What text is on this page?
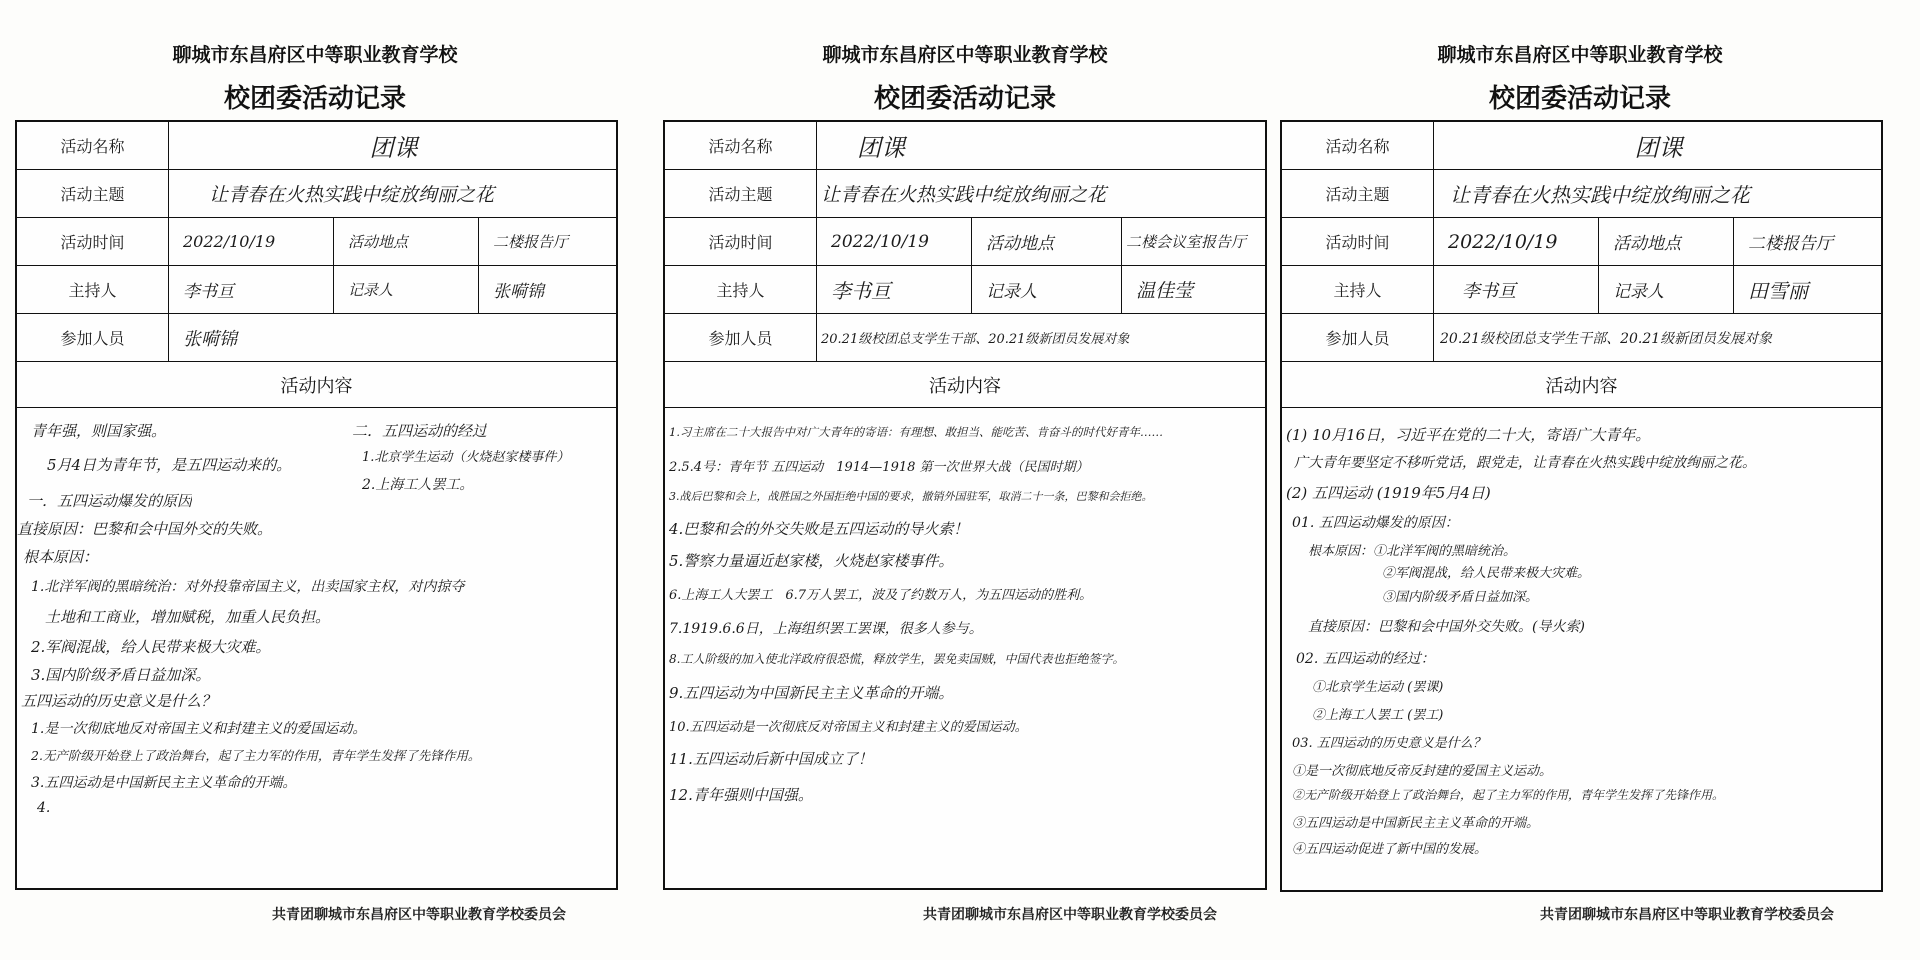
聊城市东昌府区中等职业教育学校
校团委活动记录
活动名称	团课
活动主题	让青春在火热实践中绽放绚丽之花
活动时间	2022/10/19	活动地点	二楼报告厅
主持人	李书亘	记录人	张嗬锦
参加人员	张嗬锦
活动内容
青年强，则国家强。	二．五四运动的经过
5月4日为青年节，是五四运动来的。	1.北京学生运动（火烧赵家楼事件）
一．五四运动爆发的原因
2.上海工人罢工。
直接原因：巴黎和会中国外交的失败。
根本原因：
1.北洋军阀的黑暗统治：对外投靠帝国主义，出卖国家主权，对内掠夺
土地和工商业，增加赋税，加重人民负担。
2.军阀混战，给人民带来极大灾难。
3.国内阶级矛盾日益加深。
五四运动的历史意义是什么？
1.是一次彻底地反对帝国主义和封建主义的爱国运动。
2.无产阶级开始登上了政治舞台，起了主力军的作用，青年学生发挥了先锋作用。
3.五四运动是中国新民主主义革命的开端。
4.
共青团聊城市东昌府区中等职业教育学校委员会
聊城市东昌府区中等职业教育学校
校团委活动记录
活动名称	团课
活动主题	让青春在火热实践中绽放绚丽之花
活动时间	2022/10/19	活动地点	二楼会议室报告厅
主持人	李书亘	记录人	温佳莹
参加人员	20.21级校团总支学生干部、20.21级新团员发展对象
活动内容
1.习主席在二十大报告中对广大青年的寄语：有理想、敢担当、能吃苦、肯奋斗的时代好青年……
2.5.4号：青年节 五四运动　1914—1918 第一次世界大战（民国时期）
3.战后巴黎和会上，战胜国之外国拒绝中国的要求，撤销外国驻军，取消二十一条，巴黎和会拒绝。
4.巴黎和会的外交失败是五四运动的导火索！
5.警察力量逼近赵家楼，火烧赵家楼事件。
6.上海工人大罢工　6.7万人罢工，波及了约数万人，为五四运动的胜利。
7.1919.6.6日，上海组织罢工罢课，很多人参与。
8.工人阶级的加入使北洋政府很恐慌，释放学生，罢免卖国贼，中国代表也拒绝签字。
9.五四运动为中国新民主主义革命的开端。
10.五四运动是一次彻底反对帝国主义和封建主义的爱国运动。
11.五四运动后新中国成立了！
12.青年强则中国强。
共青团聊城市东昌府区中等职业教育学校委员会
聊城市东昌府区中等职业教育学校
校团委活动记录
活动名称	团课
活动主题	让青春在火热实践中绽放绚丽之花
活动时间	2022/10/19	活动地点	二楼报告厅
主持人	李书亘	记录人	田雪丽
参加人员	20.21级校团总支学生干部、20.21级新团员发展对象
活动内容
(1) 10月16日，习近平在党的二十大，寄语广大青年。
广大青年要坚定不移听党话，跟党走，让青春在火热实践中绽放绚丽之花。
(2) 五四运动 (1919年5月4日)
01. 五四运动爆发的原因：
根本原因：①北洋军阀的黑暗统治。
②军阀混战，给人民带来极大灾难。
③国内阶级矛盾日益加深。
直接原因：巴黎和会中国外交失败。(导火索)
02. 五四运动的经过：
①北京学生运动 (罢课)
②上海工人罢工 (罢工)
03. 五四运动的历史意义是什么？
①是一次彻底地反帝反封建的爱国主义运动。
②无产阶级开始登上了政治舞台，起了主力军的作用，青年学生发挥了先锋作用。
③五四运动是中国新民主主义革命的开端。
④五四运动促进了新中国的发展。
共青团聊城市东昌府区中等职业教育学校委员会
